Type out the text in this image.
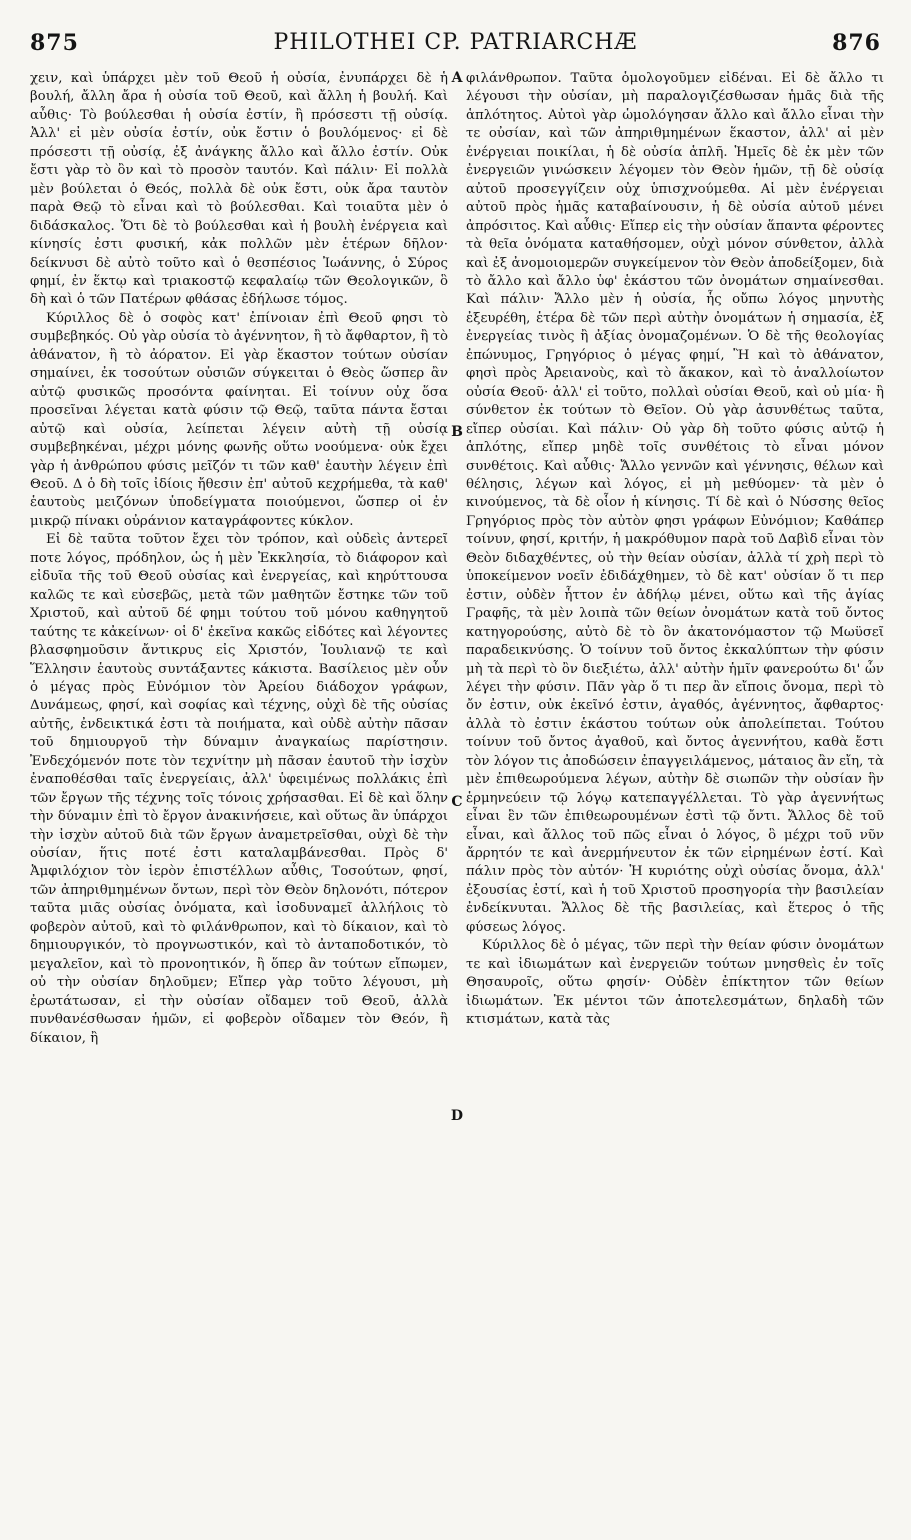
875	PHILOTHEI CP. PATRIARCHÆ	876

χειν, καὶ ὑπάρχει μὲν τοῦ Θεοῦ ἡ οὐσία, ἐνυπάρχει δὲ ἡ βουλή, ἄλλη ἄρα ἡ οὐσία τοῦ Θεοῦ, καὶ ἄλλη ἡ βουλή. Καὶ αὖθις· Τὸ βούλεσθαι ἡ οὐσία ἐστίν, ἢ πρόσεστι τῇ οὐσίᾳ. Ἀλλ' εἰ μὲν οὐσία ἐστίν, οὐκ ἔστιν ὁ βουλόμενος· εἰ δὲ πρόσεστι τῇ οὐσίᾳ, ἐξ ἀνάγκης ἄλλο καὶ ἄλλο ἐστίν. Οὐκ ἔστι γὰρ τὸ ὂν καὶ τὸ προσὸν ταυτόν. Καὶ πάλιν· Εἰ πολλὰ μὲν βούλεται ὁ Θεός, πολλὰ δὲ οὐκ ἔστι, οὐκ ἄρα ταυτὸν παρὰ Θεῷ τὸ εἶναι καὶ τὸ βούλεσθαι. Καὶ τοιαῦτα μὲν ὁ διδάσκαλος. Ὅτι δὲ τὸ βούλεσθαι καὶ ἡ βουλὴ ἐνέργεια καὶ κίνησίς ἐστι φυσική, κἀκ πολλῶν μὲν ἑτέρων δῆλον· δείκνυσι δὲ αὐτὸ τοῦτο καὶ ὁ θεσπέσιος Ἰωάννης, ὁ Σύρος φημί, ἐν ἕκτῳ καὶ τριακοστῷ κεφαλαίῳ τῶν Θεολογικῶν, ὃ δὴ καὶ ὁ τῶν Πατέρων φθάσας ἐδήλωσε τόμος.

Κύριλλος δὲ ὁ σοφὸς κατ' ἐπίνοιαν ἐπὶ Θεοῦ φησι τὸ συμβεβηκός. Οὐ γὰρ οὐσία τὸ ἀγέννητον, ἢ τὸ ἄφθαρτον, ἢ τὸ ἀθάνατον, ἢ τὸ ἀόρατον. Εἰ γὰρ ἕκαστον τούτων οὐσίαν σημαίνει, ἐκ τοσούτων οὐσιῶν σύγκειται ὁ Θεὸς ὥσπερ ἂν αὐτῷ φυσικῶς προσόντα φαίνηται. Εἰ τοίνυν οὐχ ὅσα προσεῖναι λέγεται κατὰ φύσιν τῷ Θεῷ, ταῦτα πάντα ἔσται αὐτῷ καὶ οὐσία, λείπεται λέγειν αὐτὴ τῇ οὐσίᾳ συμβεβηκέναι, μέχρι μόνης φωνῆς οὕτω νοούμενα· οὐκ ἔχει γὰρ ἡ ἀνθρώπου φύσις μεῖζόν τι τῶν καθ' ἑαυτὴν λέγειν ἐπὶ Θεοῦ. Δ ὁ δὴ τοῖς ἰδίοις ἤθεσιν ἐπ' αὐτοῦ κεχρήμεθα, τὰ καθ' ἑαυτοὺς μειζόνων ὑποδείγματα ποιούμενοι, ὥσπερ οἱ ἐν μικρῷ πίνακι οὐράνιον καταγράφοντες κύκλον.

Εἰ δὲ ταῦτα τοῦτον ἔχει τὸν τρόπον, καὶ οὐδεὶς ἀντερεῖ ποτε λόγος, πρόδηλον, ὡς ἡ μὲν Ἐκκλησία, τὸ διάφορον καὶ εἰδυῖα τῆς τοῦ Θεοῦ οὐσίας καὶ ἐνεργείας, καὶ κηρύττουσα καλῶς τε καὶ εὐσεβῶς, μετὰ τῶν μαθητῶν ἔστηκε τῶν τοῦ Χριστοῦ, καὶ αὐτοῦ δέ φημι τούτου τοῦ μόνου καθηγητοῦ ταύτης τε κἀκείνων· οἱ δ' ἐκεῖνα κακῶς εἰδότες καὶ λέγοντες βλασφημοῦσιν ἄντικρυς εἰς Χριστόν, Ἰουλιανῷ τε καὶ Ἕλλησιν ἑαυτοὺς συντάξαντες κάκιστα. Βασίλειος μὲν οὖν ὁ μέγας πρὸς Εὐνόμιον τὸν Ἀρείου διάδοχον γράφων, Δυνάμεως, φησί, καὶ σοφίας καὶ τέχνης, οὐχὶ δὲ τῆς οὐσίας αὐτῆς, ἐνδεικτικά ἐστι τὰ ποιήματα, καὶ οὐδὲ αὐτὴν πᾶσαν τοῦ δημιουργοῦ τὴν δύναμιν ἀναγκαίως παρίστησιν. Ἐνδεχόμενόν ποτε τὸν τεχνίτην μὴ πᾶσαν ἑαυτοῦ τὴν ἰσχὺν ἐναποθέσθαι ταῖς ἐνεργείαις, ἀλλ' ὑφειμένως πολλάκις ἐπὶ τῶν ἔργων τῆς τέχνης τοῖς τόνοις χρήσασθαι. Εἰ δὲ καὶ ὅλην τὴν δύναμιν ἐπὶ τὸ ἔργον ἀνακινήσειε, καὶ οὕτως ἂν ὑπάρχοι τὴν ἰσχὺν αὐτοῦ διὰ τῶν ἔργων ἀναμετρεῖσθαι, οὐχὶ δὲ τὴν οὐσίαν, ἥτις ποτέ ἐστι καταλαμβάνεσθαι. Πρὸς δ' Ἀμφιλόχιον τὸν ἱερὸν ἐπιστέλλων αὖθις, Τοσούτων, φησί, τῶν ἀπηριθμημένων ὄντων, περὶ τὸν Θεὸν δηλονότι, πότερον ταῦτα μιᾶς οὐσίας ὀνόματα, καὶ ἰσοδυναμεῖ ἀλλήλοις τὸ φοβερὸν αὐτοῦ, καὶ τὸ φιλάνθρωπον, καὶ τὸ δίκαιον, καὶ τὸ δημιουργικόν, τὸ προγνωστικόν, καὶ τὸ ἀνταποδοτικόν, τὸ μεγαλεῖον, καὶ τὸ προνοητικόν, ἢ ὅπερ ἂν τούτων εἴπωμεν, οὐ τὴν οὐσίαν δηλοῦμεν; Εἴπερ γὰρ τοῦτο λέγουσι, μὴ ἐρωτάτωσαν, εἰ τὴν οὐσίαν οἴδαμεν τοῦ Θεοῦ, ἀλλὰ πυνθανέσθωσαν ἡμῶν, εἰ φοβερὸν οἴδαμεν τὸν Θεόν, ἢ δίκαιον, ἢ

A
B
C
D

φιλάνθρωπον. Ταῦτα ὁμολογοῦμεν εἰδέναι. Εἰ δὲ ἄλλο τι λέγουσι τὴν οὐσίαν, μὴ παραλογιζέσθωσαν ἡμᾶς διὰ τῆς ἁπλότητος. Αὐτοὶ γὰρ ὡμολόγησαν ἄλλο καὶ ἄλλο εἶναι τὴν τε οὐσίαν, καὶ τῶν ἀπηριθμημένων ἕκαστον, ἀλλ' αἱ μὲν ἐνέργειαι ποικίλαι, ἡ δὲ οὐσία ἁπλῆ. Ἡμεῖς δὲ ἐκ μὲν τῶν ἐνεργειῶν γινώσκειν λέγομεν τὸν Θεὸν ἡμῶν, τῇ δὲ οὐσίᾳ αὐτοῦ προσεγγίζειν οὐχ ὑπισχνούμεθα. Αἱ μὲν ἐνέργειαι αὐτοῦ πρὸς ἡμᾶς καταβαίνουσιν, ἡ δὲ οὐσία αὐτοῦ μένει ἀπρόσιτος. Καὶ αὖθις· Εἴπερ εἰς τὴν οὐσίαν ἅπαντα φέροντες τὰ θεῖα ὀνόματα καταθήσομεν, οὐχὶ μόνον σύνθετον, ἀλλὰ καὶ ἐξ ἀνομοιομερῶν συγκείμενον τὸν Θεὸν ἀποδείξομεν, διὰ τὸ ἄλλο καὶ ἄλλο ὑφ' ἑκάστου τῶν ὀνομάτων σημαίνεσθαι. Καὶ πάλιν· Ἄλλο μὲν ἡ οὐσία, ἧς οὔπω λόγος μηνυτὴς ἐξευρέθη, ἑτέρα δὲ τῶν περὶ αὐτὴν ὀνομάτων ἡ σημασία, ἐξ ἐνεργείας τινὸς ἢ ἀξίας ὀνομαζομένων. Ὁ δὲ τῆς θεολογίας ἐπώνυμος, Γρηγόριος ὁ μέγας φημί, Ἢ καὶ τὸ ἀθάνατον, φησὶ πρὸς Ἀρειανοὺς, καὶ τὸ ἄκακον, καὶ τὸ ἀναλλοίωτον οὐσία Θεοῦ· ἀλλ' εἰ τοῦτο, πολλαὶ οὐσίαι Θεοῦ, καὶ οὐ μία· ἢ σύνθετον ἐκ τούτων τὸ Θεῖον. Οὐ γὰρ ἀσυνθέτως ταῦτα, εἴπερ οὐσίαι. Καὶ πάλιν· Οὐ γὰρ δὴ τοῦτο φύσις αὐτῷ ἡ ἁπλότης, εἴπερ μηδὲ τοῖς συνθέτοις τὸ εἶναι μόνον συνθέτοις. Καὶ αὖθις· Ἄλλο γεννῶν καὶ γέννησις, θέλων καὶ θέλησις, λέγων καὶ λόγος, εἰ μὴ μεθύομεν· τὰ μὲν ὁ κινούμενος, τὰ δὲ οἷον ἡ κίνησις. Τί δὲ καὶ ὁ Νύσσης θεῖος Γρηγόριος πρὸς τὸν αὐτὸν φησι γράφων Εὐνόμιον; Καθάπερ τοίνυν, φησί, κριτήν, ἡ μακρόθυμον παρὰ τοῦ Δαβὶδ εἶναι τὸν Θεὸν διδαχθέντες, οὐ τὴν θείαν οὐσίαν, ἀλλὰ τί χρὴ περὶ τὸ ὑποκείμενον νοεῖν ἐδιδάχθημεν, τὸ δὲ κατ' οὐσίαν ὅ τι περ ἐστιν, οὐδὲν ἧττον ἐν ἀδήλῳ μένει, οὕτω καὶ τῆς ἁγίας Γραφῆς, τὰ μὲν λοιπὰ τῶν θείων ὀνομάτων κατὰ τοῦ ὄντος κατηγορούσης, αὐτὸ δὲ τὸ ὂν ἀκατονόμαστον τῷ Μωϋσεῖ παραδεικνύσης. Ὁ τοίνυν τοῦ ὄντος ἐκκαλύπτων τὴν φύσιν μὴ τὰ περὶ τὸ ὂν διεξιέτω, ἀλλ' αὐτὴν ἡμῖν φανερούτω δι' ὧν λέγει τὴν φύσιν. Πᾶν γὰρ ὅ τι περ ἂν εἴποις ὄνομα, περὶ τὸ ὄν ἐστιν, οὐκ ἐκεῖνό ἐστιν, ἀγαθός, ἀγέννητος, ἄφθαρτος· ἀλλὰ τὸ ἐστιν ἑκάστου τούτων οὐκ ἀπολείπεται. Τούτου τοίνυν τοῦ ὄντος ἀγαθοῦ, καὶ ὄντος ἀγεννήτου, καθὰ ἔστι τὸν λόγον τις ἀποδώσειν ἐπαγγειλάμενος, μάταιος ἂν εἴη, τὰ μὲν ἐπιθεωρούμενα λέγων, αὐτὴν δὲ σιωπῶν τὴν οὐσίαν ἣν ἑρμηνεύειν τῷ λόγῳ κατεπαγγέλλεται. Τὸ γὰρ ἀγεννήτως εἶναι ἓν τῶν ἐπιθεωρουμένων ἐστὶ τῷ ὄντι. Ἄλλος δὲ τοῦ εἶναι, καὶ ἄλλος τοῦ πῶς εἶναι ὁ λόγος, ὃ μέχρι τοῦ νῦν ἄρρητόν τε καὶ ἀνερμήνευτον ἐκ τῶν εἰρημένων ἐστί. Καὶ πάλιν πρὸς τὸν αὐτόν· Ἡ κυριότης οὐχὶ οὐσίας ὄνομα, ἀλλ' ἐξουσίας ἐστί, καὶ ἡ τοῦ Χριστοῦ προσηγορία τὴν βασιλείαν ἐνδείκνυται. Ἄλλος δὲ τῆς βασιλείας, καὶ ἕτερος ὁ τῆς φύσεως λόγος.

Κύριλλος δὲ ὁ μέγας, τῶν περὶ τὴν θείαν φύσιν ὀνομάτων τε καὶ ἰδιωμάτων καὶ ἐνεργειῶν τούτων μνησθεὶς ἐν τοῖς Θησαυροῖς, οὕτω φησίν· Οὐδὲν ἐπίκτητον τῶν θείων ἰδιωμάτων. Ἐκ μέντοι τῶν ἀποτελεσμάτων, δηλαδὴ τῶν κτισμάτων, κατὰ τὰς
